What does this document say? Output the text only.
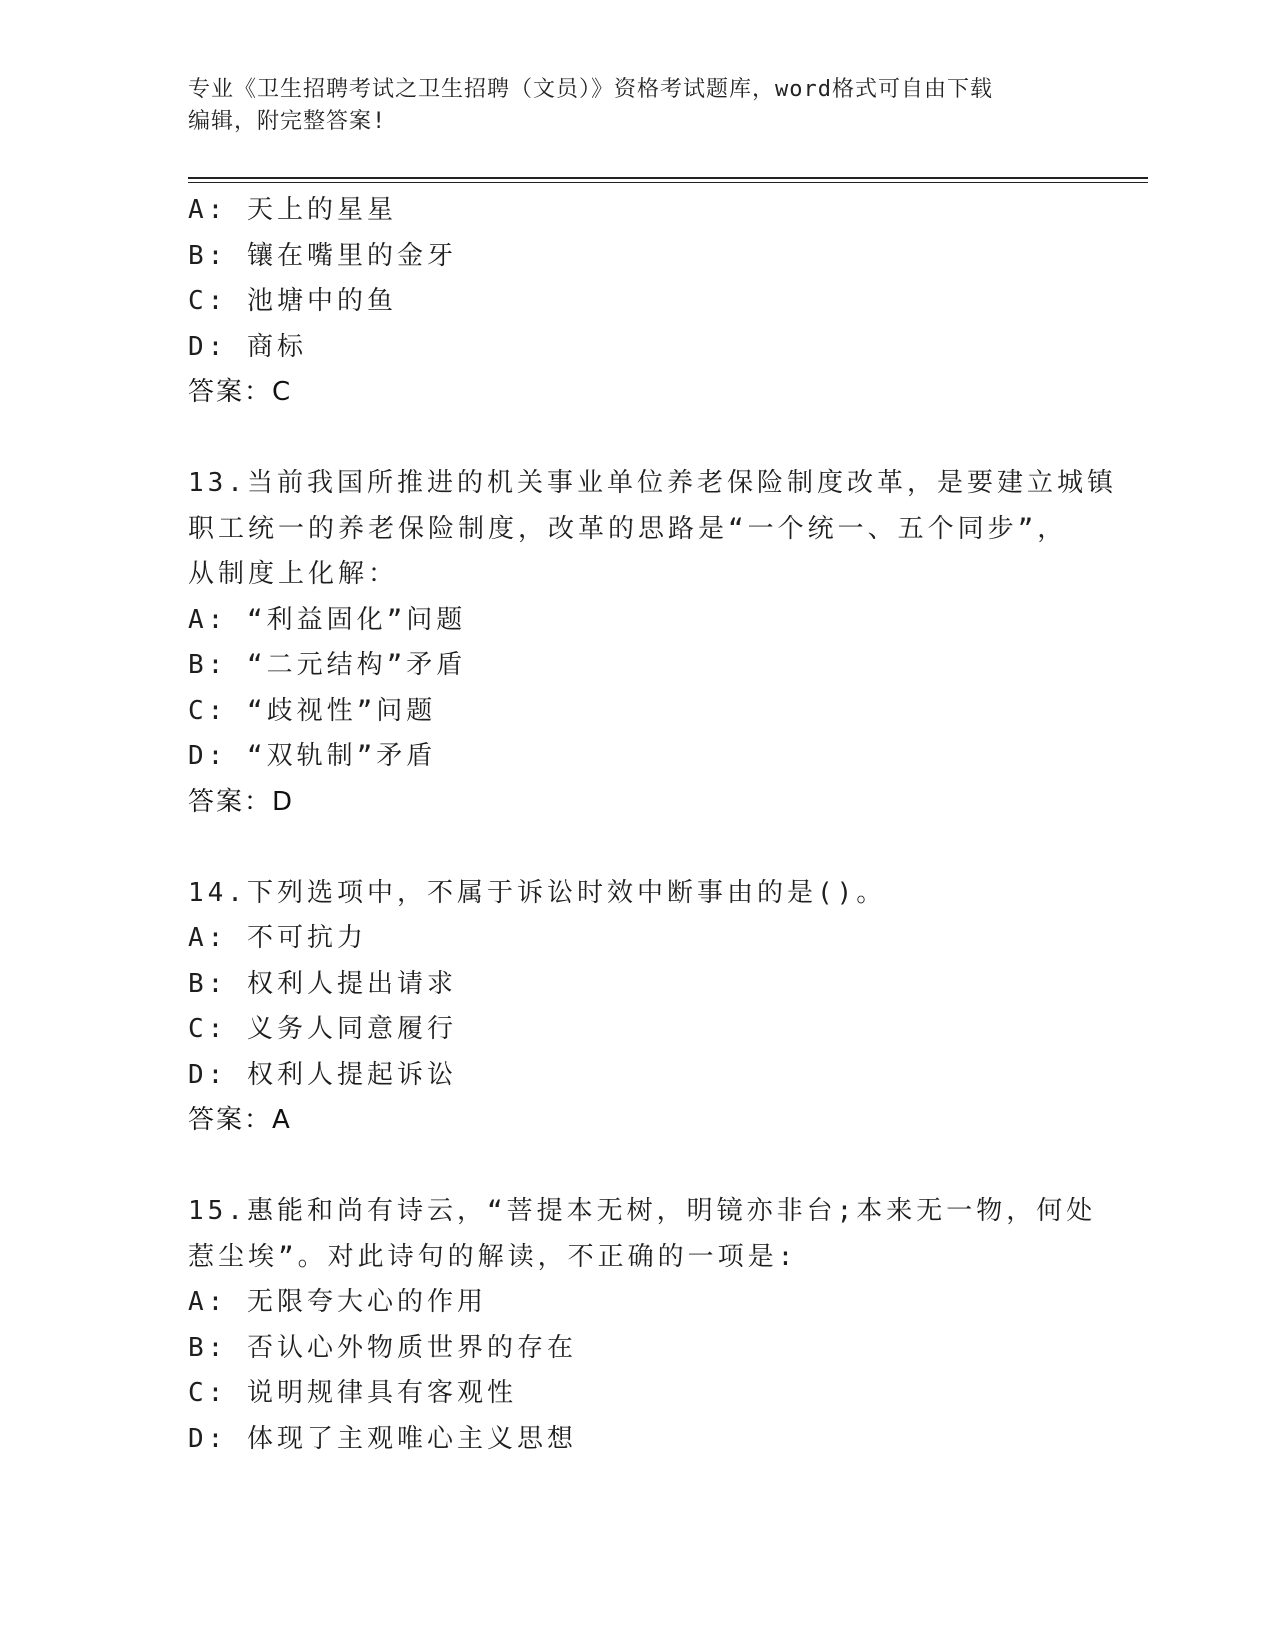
专业《卫生招聘考试之卫生招聘（文员）》资格考试题库，word格式可自由下载
编辑，附完整答案!
A: 天上的星星
B: 镶在嘴里的金牙
C: 池塘中的鱼
D: 商标
答案：C
13.当前我国所推进的机关事业单位养老保险制度改革，是要建立城镇
职工统一的养老保险制度，改革的思路是“一个统一、五个同步”，
从制度上化解：
A: “利益固化”问题
B: “二元结构”矛盾
C: “歧视性”问题
D: “双轨制”矛盾
答案：D
14.下列选项中，不属于诉讼时效中断事由的是()。
A: 不可抗力
B: 权利人提出请求
C: 义务人同意履行
D: 权利人提起诉讼
答案：A
15.惠能和尚有诗云，“菩提本无树，明镜亦非台;本来无一物，何处
惹尘埃”。对此诗句的解读，不正确的一项是:
A: 无限夸大心的作用
B: 否认心外物质世界的存在
C: 说明规律具有客观性
D: 体现了主观唯心主义思想
